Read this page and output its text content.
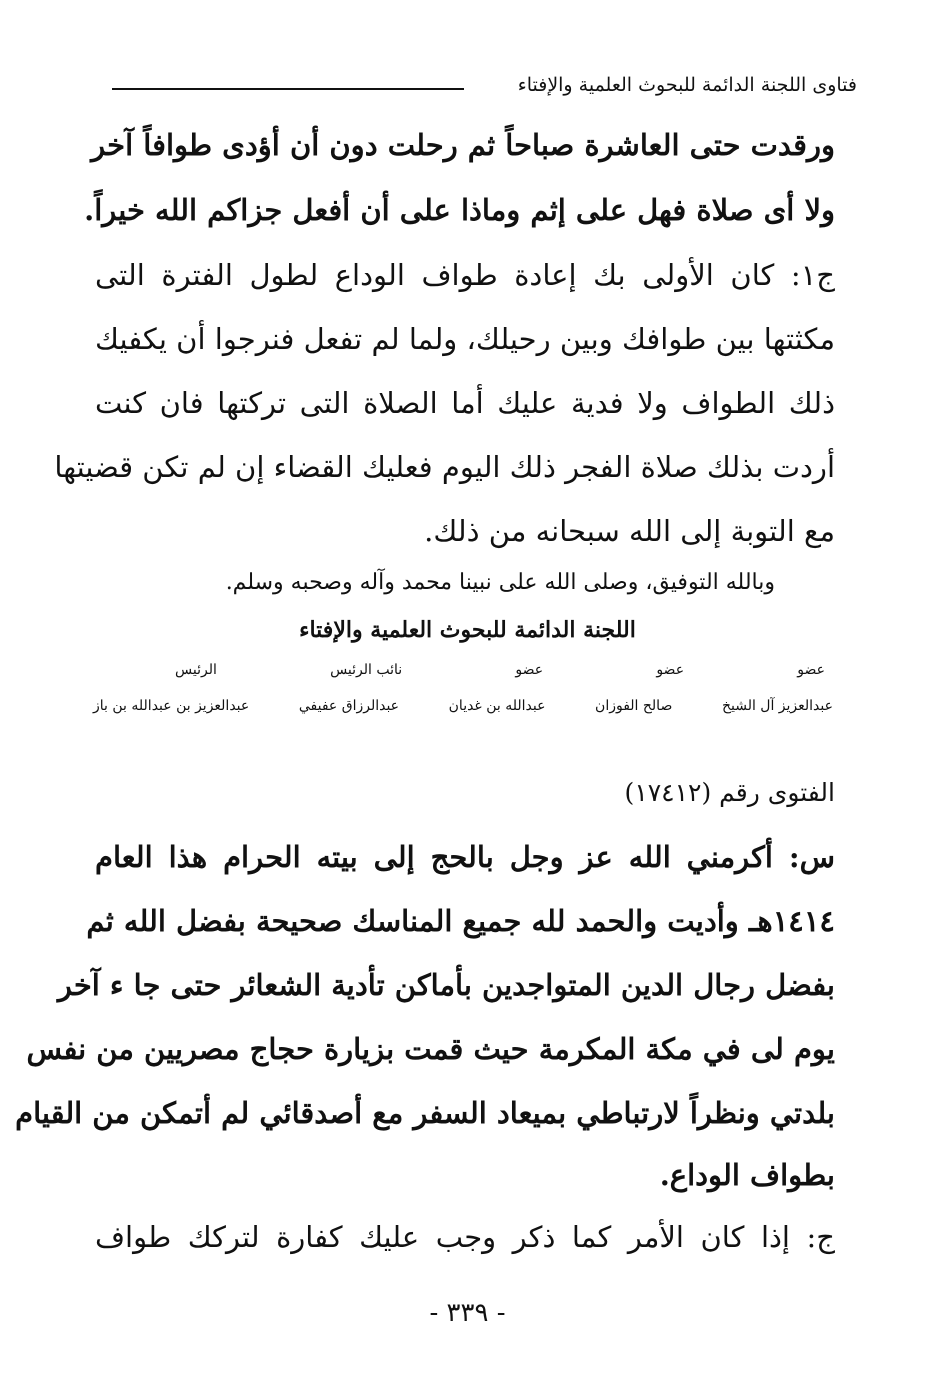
فتاوى اللجنة الدائمة للبحوث العلمية والإفتاء
ورقدت حتى العاشرة صباحاً ثم رحلت دون أن أؤدى طوافاً آخر
ولا أى صلاة فهل على إثم وماذا على أن أفعل جزاكم الله خيراً.
ج١: كان الأولى بك إعادة طواف الوداع لطول الفترة التى
مكثتها بين طوافك وبين رحيلك، ولما لم تفعل فنرجوا أن يكفيك
ذلك الطواف ولا فدية عليك أما الصلاة التى تركتها فان كنت
أردت بذلك صلاة الفجر ذلك اليوم فعليك القضاء إن لم تكن قضيتها
مع التوبة إلى الله سبحانه من ذلك.
وبالله التوفيق، وصلى الله على نبينا محمد وآله وصحبه وسلم.
اللجنة الدائمة للبحوث العلمية والإفتاء
عضو
عضو
عضو
نائب الرئيس
الرئيس
عبدالعزيز آل الشيخ
صالح الفوزان
عبدالله بن غديان
عبدالرزاق عفيفي
عبدالعزيز بن عبدالله بن باز
الفتوى رقم (١٧٤١٢)
س: أكرمني الله عز وجل بالحج إلى بيته الحرام هذا العام
١٤١٤هـ وأديت والحمد لله جميع المناسك صحيحة بفضل الله ثم
بفضل رجال الدين المتواجدين بأماكن تأدية الشعائر حتى جا ء آخر
يوم لى في مكة المكرمة حيث قمت بزيارة حجاج مصريين من نفس
بلدتي ونظراً لارتباطي بميعاد السفر مع أصدقائي لم أتمكن من القيام
بطواف الوداع.
ج: إذا كان الأمر كما ذكر وجب عليك كفارة لتركك طواف
- ٣٣٩ -
